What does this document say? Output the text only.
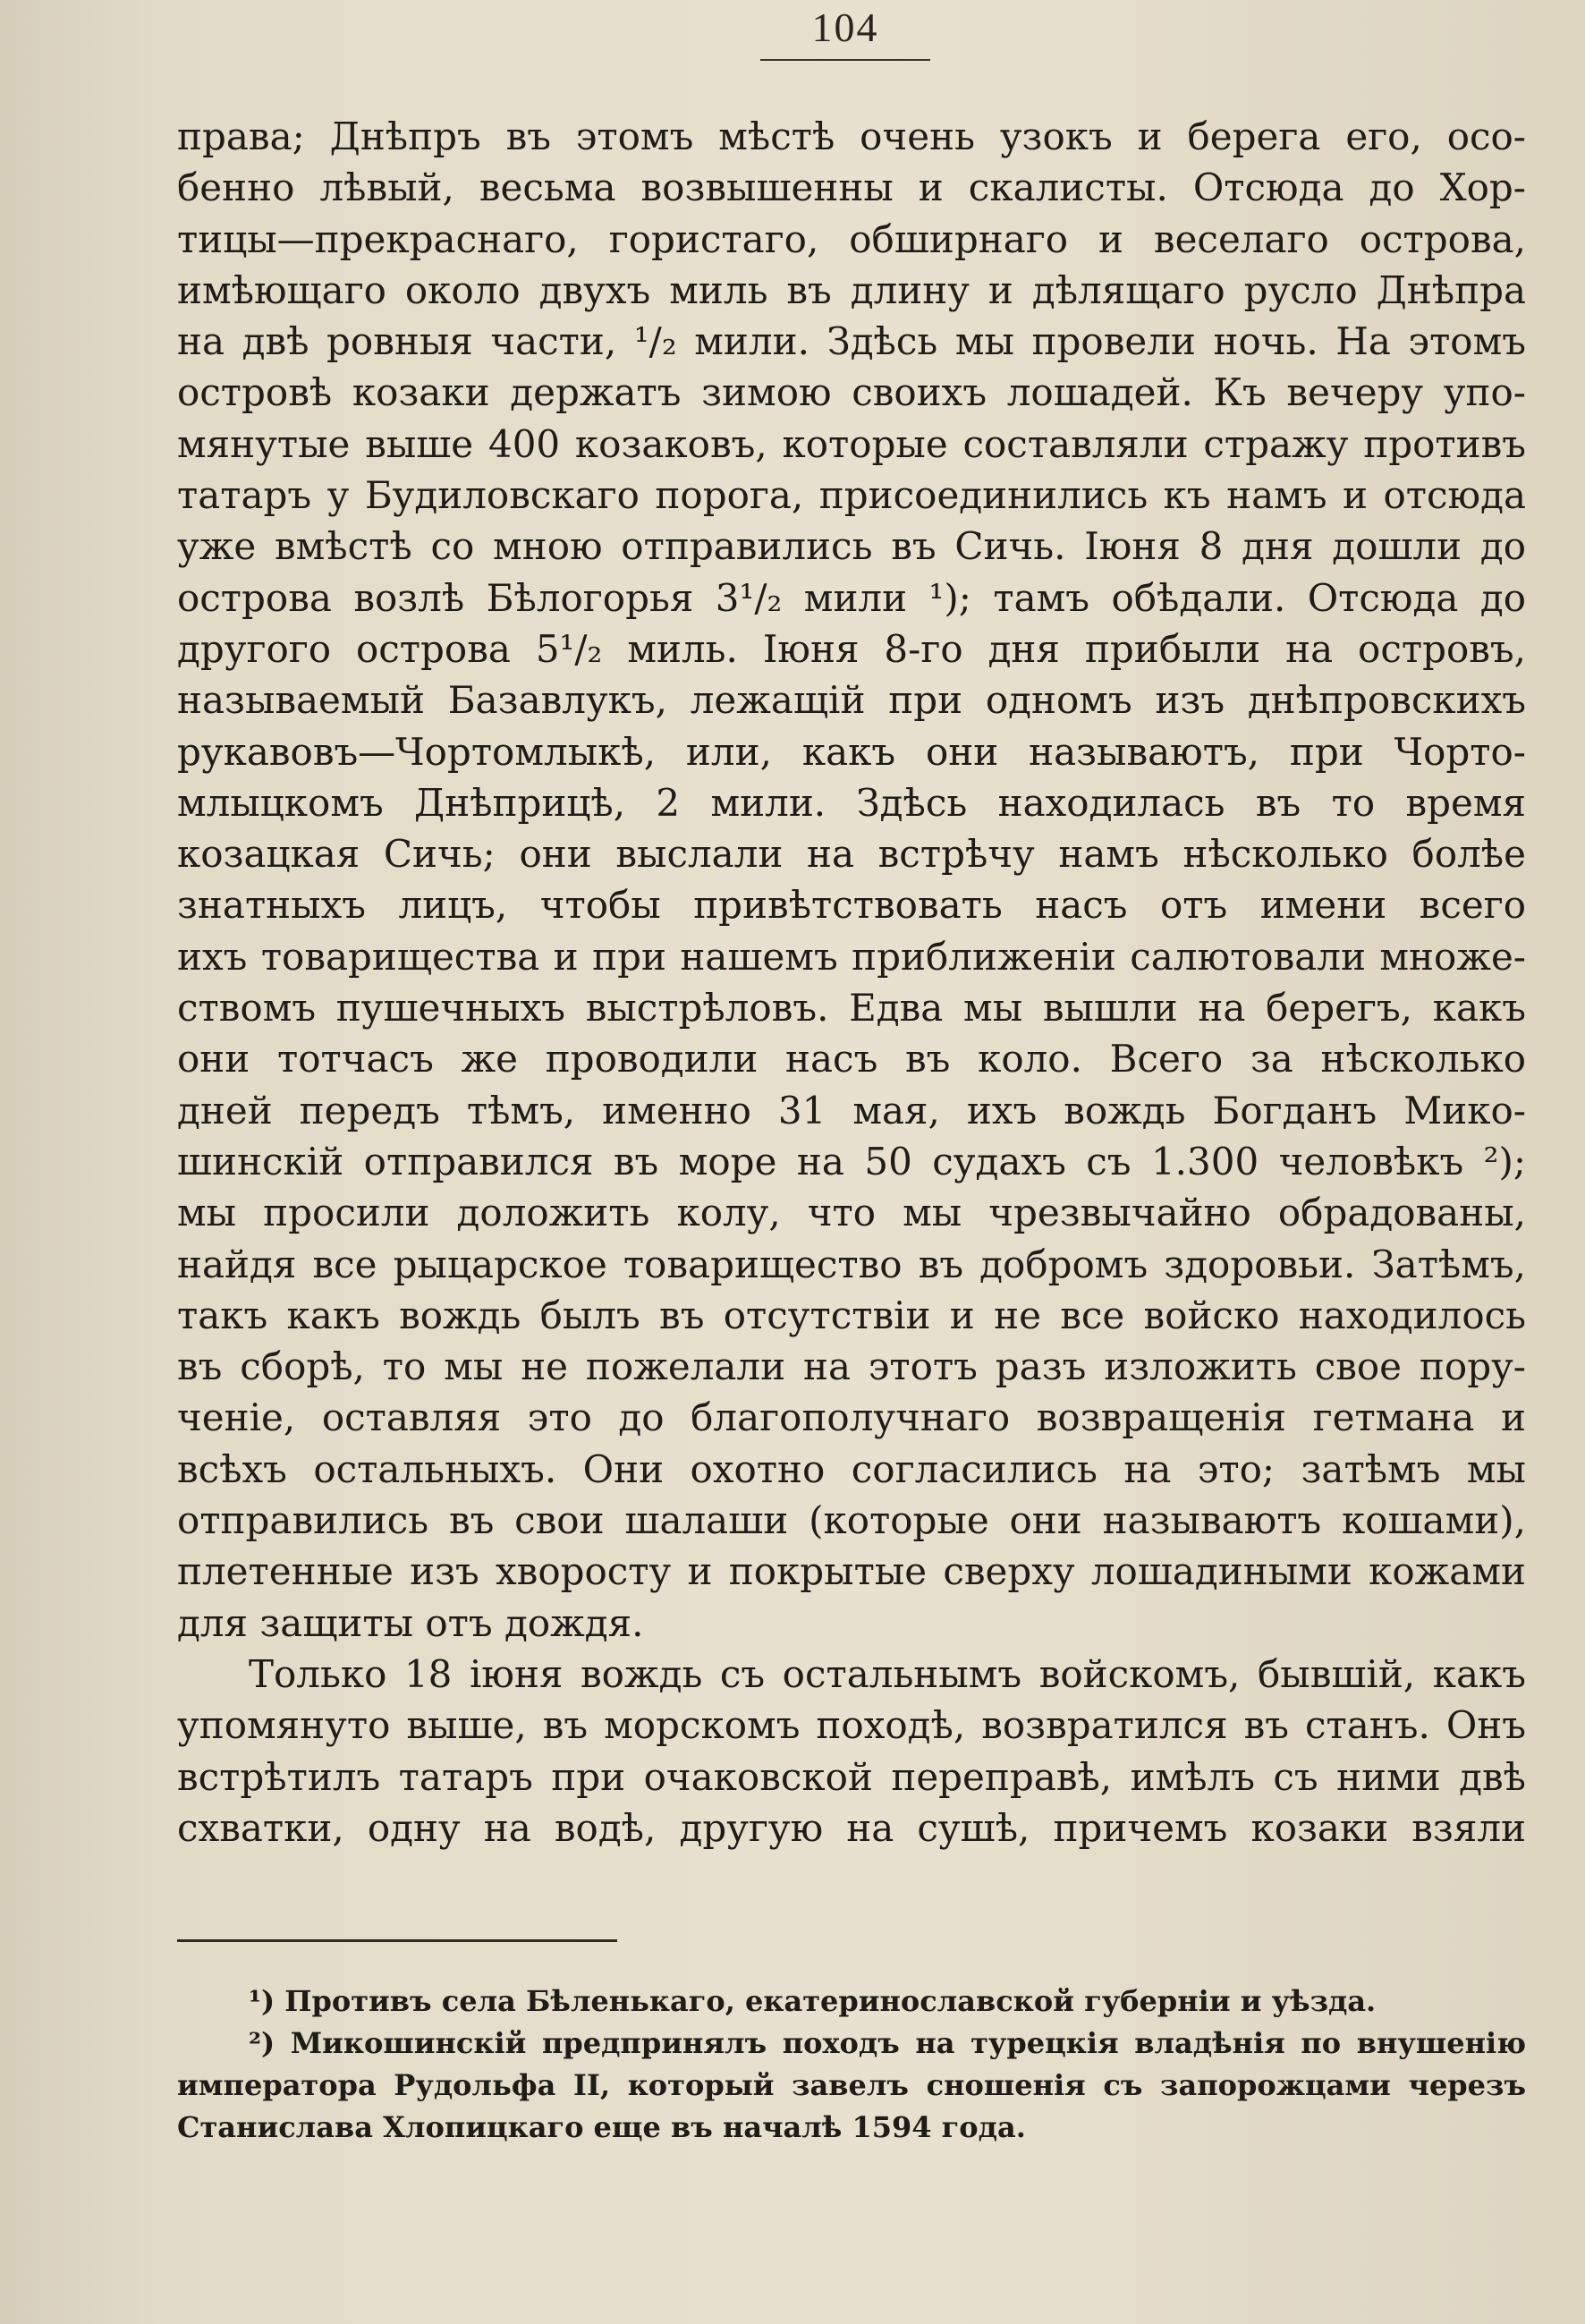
104
права; Днѣпръ въ этомъ мѣстѣ очень узокъ и берега его, осо-
бенно лѣвый, весьма возвышенны и скалисты. Отсюда до Хор-
тицы—прекраснаго, гористаго, обширнаго и веселаго острова,
имѣющаго около двухъ миль въ длину и дѣлящаго русло Днѣпра
на двѣ ровныя части, ¹/₂ мили. Здѣсь мы провели ночь. На этомъ
островѣ козаки держатъ зимою своихъ лошадей. Къ вечеру упо-
мянутые выше 400 козаковъ, которые составляли стражу противъ
татаръ у Будиловскаго порога, присоединились къ намъ и отсюда
уже вмѣстѣ со мною отправились въ Сичь. Іюня 8 дня дошли до
острова возлѣ Бѣлогорья 3¹/₂ мили ¹); тамъ обѣдали. Отсюда до
другого острова 5¹/₂ миль. Іюня 8-го дня прибыли на островъ,
называемый Базавлукъ, лежащій при одномъ изъ днѣпровскихъ
рукавовъ—Чортомлыкѣ, или, какъ они называютъ, при Чорто-
млыцкомъ Днѣприцѣ, 2 мили. Здѣсь находилась въ то время
козацкая Сичь; они выслали на встрѣчу намъ нѣсколько болѣе
знатныхъ лицъ, чтобы привѣтствовать насъ отъ имени всего
ихъ товарищества и при нашемъ приближеніи салютовали множе-
ствомъ пушечныхъ выстрѣловъ. Едва мы вышли на берегъ, какъ
они тотчасъ же проводили насъ въ коло. Всего за нѣсколько
дней передъ тѣмъ, именно 31 мая, ихъ вождь Богданъ Мико-
шинскій отправился въ море на 50 судахъ съ 1.300 человѣкъ ²);
мы просили доложить колу, что мы чрезвычайно обрадованы,
найдя все рыцарское товарищество въ добромъ здоровьи. Затѣмъ,
такъ какъ вождь былъ въ отсутствіи и не все войско находилось
въ сборѣ, то мы не пожелали на этотъ разъ изложить свое пору-
ченіе, оставляя это до благополучнаго возвращенія гетмана и
всѣхъ остальныхъ. Они охотно согласились на это; затѣмъ мы
отправились въ свои шалаши (которые они называютъ кошами),
плетенные изъ хворосту и покрытые сверху лошадиными кожами
для защиты отъ дождя.
Только 18 іюня вождь съ остальнымъ войскомъ, бывшій, какъ
упомянуто выше, въ морскомъ походѣ, возвратился въ станъ. Онъ
встрѣтилъ татаръ при очаковской переправѣ, имѣлъ съ ними двѣ
схватки, одну на водѣ, другую на сушѣ, причемъ козаки взяли
¹) Противъ села Бѣленькаго, екатеринославской губерніи и уѣзда.
²) Микошинскій предпринялъ походъ на турецкія владѣнія по внушенію
императора Рудольфа II, который завелъ сношенія съ запорожцами черезъ
Станислава Хлопицкаго еще въ началѣ 1594 года.
